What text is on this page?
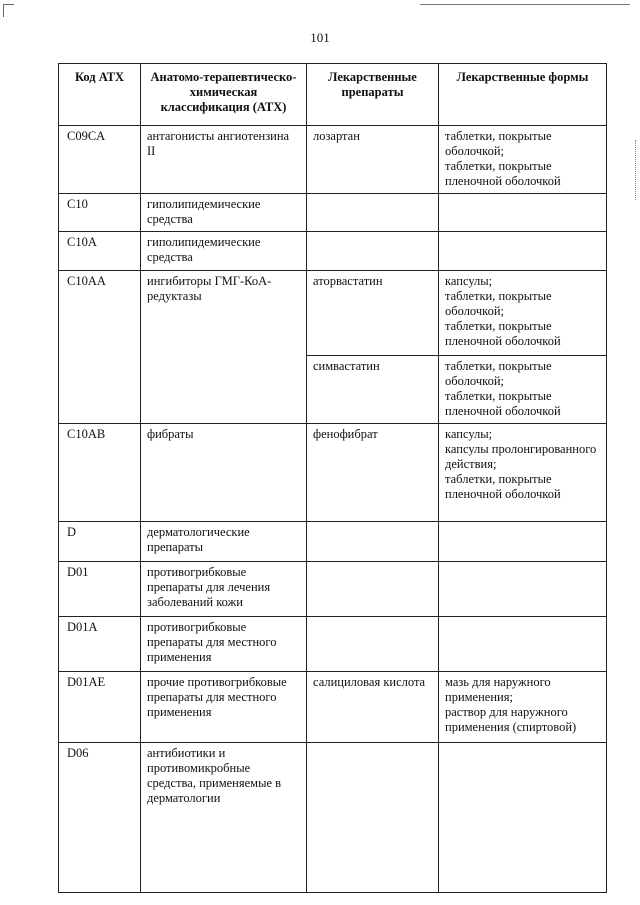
101
Код АТХ	Анатомо-терапевтическо-химическая классификация (АТХ)	Лекарственные препараты	Лекарственные формы
C09CA	антагонисты ангиотензина II	лозартан	таблетки, покрытые оболочкой;
таблетки, покрытые пленочной оболочкой
C10	гиполипидемические средства		
C10A	гиполипидемические средства		
C10AA	ингибиторы ГМГ-КоА-редуктазы	аторвастатин	капсулы;
таблетки, покрытые оболочкой;
таблетки, покрытые пленочной оболочкой
		симвастатин	таблетки, покрытые оболочкой;
таблетки, покрытые пленочной оболочкой
C10AB	фибраты	фенофибрат	капсулы;
капсулы пролонгированного действия;
таблетки, покрытые пленочной оболочкой
D	дерматологические препараты		
D01	противогрибковые препараты для лечения заболеваний кожи		
D01A	противогрибковые препараты для местного применения		
D01AE	прочие противогрибковые препараты для местного применения	салициловая кислота	мазь для наружного применения;
раствор для наружного применения (спиртовой)
D06	антибиотики и противомикробные средства, применяемые в дерматологии		
